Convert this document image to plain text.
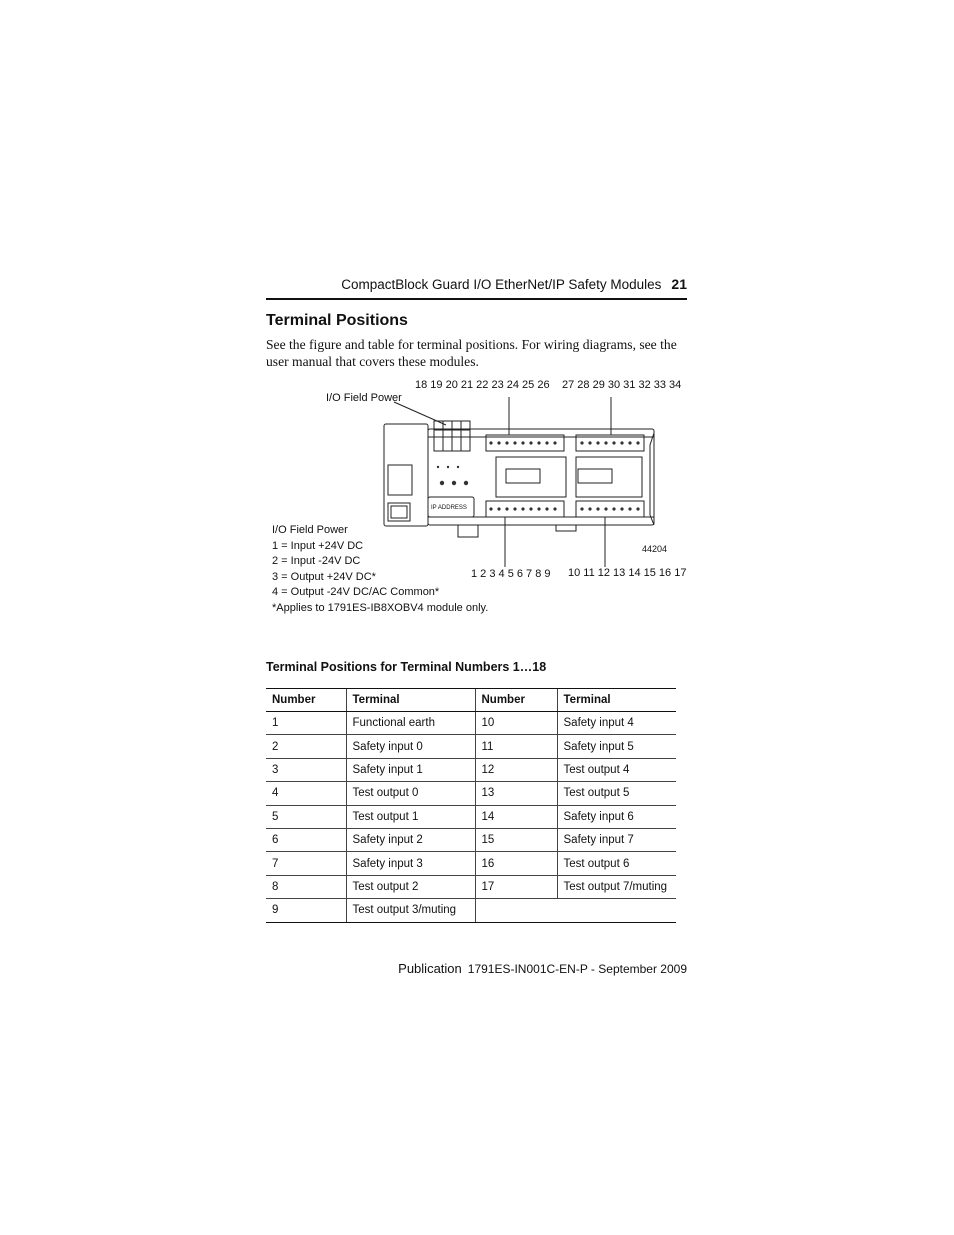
CompactBlock Guard I/O EtherNet/IP Safety Modules 21
Terminal Positions
See the figure and table for terminal positions. For wiring diagrams, see the user manual that covers these modules.
18 19 20 21 22 23 24 25 26 27 28 29 30 31 32 33 34
I/O Field Power
IP ADDRESS
44204
1 2 3 4 5 6 7 8 9 10 11 12 13 14 15 16 17
I/O Field Power
1 = Input +24V DC
2 = Input -24V DC
3 = Output +24V DC*
4 = Output -24V DC/AC Common*
*Applies to 1791ES-IB8XOBV4 module only.
Terminal Positions for Terminal Numbers 1…18
Number	Terminal	Number	Terminal
1	Functional earth	10	Safety input 4
2	Safety input 0	11	Safety input 5
3	Safety input 1	12	Test output 4
4	Test output 0	13	Test output 5
5	Test output 1	14	Safety input 6
6	Safety input 2	15	Safety input 7
7	Safety input 3	16	Test output 6
8	Test output 2	17	Test output 7/muting
9	Test output 3/muting		
Publication 1791ES-IN001C-EN-P - September 2009
